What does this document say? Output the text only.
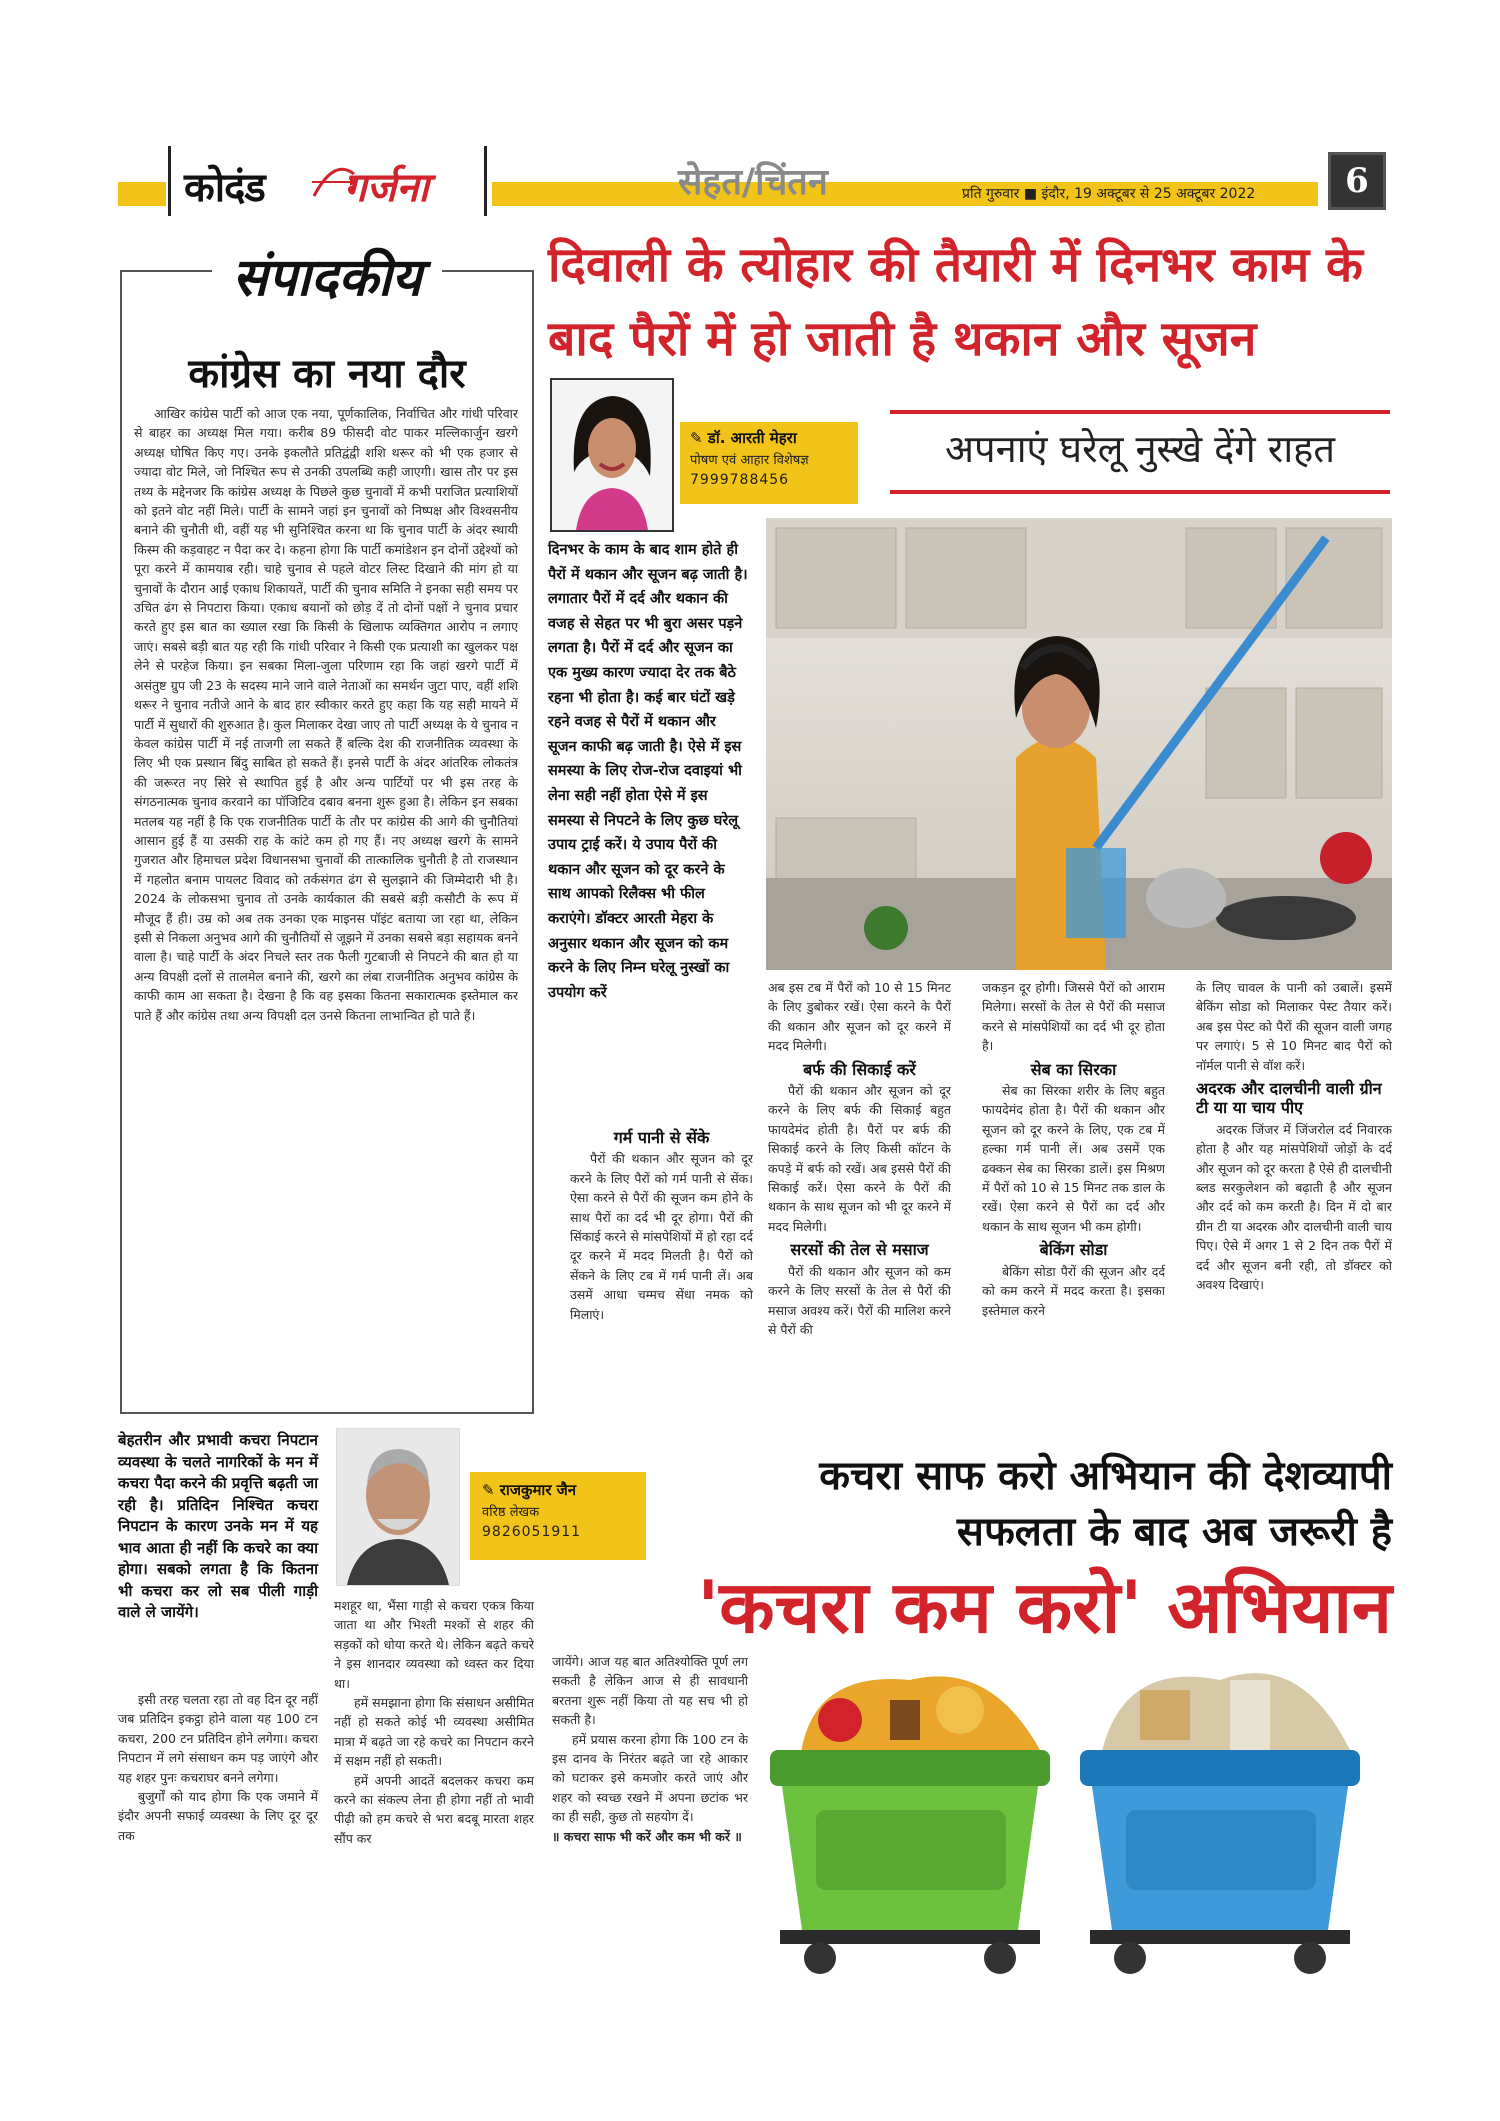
कोदंड गर्जना	सेहत/चिंतन	प्रति गुरुवार ■ इंदौर, 19 अक्टूबर से 25 अक्टूबर 2022	6
संपादकीय
कांग्रेस का नया दौर

आखिर कांग्रेस पार्टी को आज एक नया, पूर्णकालिक, निर्वाचित और गांधी परिवार से बाहर का अध्यक्ष मिल गया। करीब 89 फीसदी वोट पाकर मल्लिकार्जुन खरगे अध्यक्ष घोषित किए गए। उनके इकलौते प्रतिद्वंद्वी शशि थरूर को भी एक हजार से ज्यादा वोट मिले, जो निश्चित रूप से उनकी उपलब्धि कही जाएगी। खास तौर पर इस तथ्य के मद्देनजर कि कांग्रेस अध्यक्ष के पिछले कुछ चुनावों में कभी पराजित प्रत्याशियों को इतने वोट नहीं मिले। पार्टी के सामने जहां इन चुनावों को निष्पक्ष और विश्वसनीय बनाने की चुनौती थी, वहीं यह भी सुनिश्चित करना था कि चुनाव पार्टी के अंदर स्थायी किस्म की कड़वाहट न पैदा कर दे। कहना होगा कि पार्टी कमांडेशन इन दोनों उद्देश्यों को पूरा करने में कामयाब रही। चाहे चुनाव से पहले वोटर लिस्ट दिखाने की मांग हो या चुनावों के दौरान आई एकाध शिकायतें, पार्टी की चुनाव समिति ने इनका सही समय पर उचित ढंग से निपटारा किया। एकाध बयानों को छोड़ दें तो दोनों पक्षों ने चुनाव प्रचार करते हुए इस बात का ख्याल रखा कि किसी के खिलाफ व्यक्तिगत आरोप न लगाए जाएं। सबसे बड़ी बात यह रही कि गांधी परिवार ने किसी एक प्रत्याशी का खुलकर पक्ष लेने से परहेज किया। इन सबका मिला-जुला परिणाम रहा कि जहां खरगे पार्टी में असंतुष्ट ग्रुप जी 23 के सदस्य माने जाने वाले नेताओं का समर्थन जुटा पाए, वहीं शशि थरूर ने चुनाव नतीजे आने के बाद हार स्वीकार करते हुए कहा कि यह सही मायने में पार्टी में सुधारों की शुरुआत है। कुल मिलाकर देखा जाए तो पार्टी अध्यक्ष के ये चुनाव न केवल कांग्रेस पार्टी में नई ताजगी ला सकते हैं बल्कि देश की राजनीतिक व्यवस्था के लिए भी एक प्रस्थान बिंदु साबित हो सकते हैं। इनसे पार्टी के अंदर आंतरिक लोकतंत्र की जरूरत नए सिरे से स्थापित हुई है और अन्य पार्टियों पर भी इस तरह के संगठनात्मक चुनाव करवाने का पॉजिटिव दबाव बनना शुरू हुआ है। लेकिन इन सबका मतलब यह नहीं है कि एक राजनीतिक पार्टी के तौर पर कांग्रेस की आगे की चुनौतियां आसान हुई हैं या उसकी राह के कांटे कम हो गए हैं। नए अध्यक्ष खरगे के सामने गुजरात और हिमाचल प्रदेश विधानसभा चुनावों की तात्कालिक चुनौती है तो राजस्थान में गहलोत बनाम पायलट विवाद को तर्कसंगत ढंग से सुलझाने की जिम्मेदारी भी है। 2024 के लोकसभा चुनाव तो उनके कार्यकाल की सबसे बड़ी कसौटी के रूप में मौजूद हैं ही। उम्र को अब तक उनका एक माइनस पॉइंट बताया जा रहा था, लेकिन इसी से निकला अनुभव आगे की चुनौतियों से जूझने में उनका सबसे बड़ा सहायक बनने वाला है। चाहे पार्टी के अंदर निचले स्तर तक फैली गुटबाजी से निपटने की बात हो या अन्य विपक्षी दलों से तालमेल बनाने की, खरगे का लंबा राजनीतिक अनुभव कांग्रेस के काफी काम आ सकता है। देखना है कि वह इसका कितना सकारात्मक इस्तेमाल कर पाते हैं और कांग्रेस तथा अन्य विपक्षी दल उनसे कितना लाभान्वित हो पाते हैं।

दिवाली के त्योहार की तैयारी में दिनभर काम के बाद पैरों में हो जाती है थकान और सूजन
✎ डॉ. आरती मेहरा
पोषण एवं आहार विशेषज्ञ
7999788456
अपनाएं घरेलू नुस्खे देंगे राहत
दिनभर के काम के बाद शाम होते ही पैरों में थकान और सूजन बढ़ जाती है। लगातार पैरों में दर्द और थकान की वजह से सेहत पर भी बुरा असर पड़ने लगता है। पैरों में दर्द और सूजन का एक मुख्य कारण ज्यादा देर तक बैठे रहना भी होता है। कई बार घंटों खड़े रहने वजह से पैरों में थकान और सूजन काफी बढ़ जाती है। ऐसे में इस समस्या के लिए रोज-रोज दवाइयां भी लेना सही नहीं होता ऐसे में इस समस्या से निपटने के लिए कुछ घरेलू उपाय ट्राई करें। ये उपाय पैरों की थकान और सूजन को दूर करने के साथ आपको रिलैक्स भी फील कराएंगे। डॉक्टर आरती मेहरा के अनुसार थकान और सूजन को कम करने के लिए निम्न घरेलू नुस्खों का उपयोग करें
गर्म पानी से सेंके

पैरों की थकान और सूजन को दूर करने के लिए पैरों को गर्म पानी से सेंक। ऐसा करने से पैरों की सूजन कम होने के साथ पैरों का दर्द भी दूर होगा। पैरों की सिंकाई करने से मांसपेशियों में हो रहा दर्द दूर करने में मदद मिलती है। पैरों को सेंकने के लिए टब में गर्म पानी लें। अब उसमें आधा चम्मच सेंधा नमक को मिलाएं।

अब इस टब में पैरों को 10 से 15 मिनट के लिए डुबोकर रखें। ऐसा करने के पैरों की थकान और सूजन को दूर करने में मदद मिलेगी।

बर्फ की सिकाई करें

पैरों की थकान और सूजन को दूर करने के लिए बर्फ की सिकाई बहुत फायदेमंद होती है। पैरों पर बर्फ की सिकाई करने के लिए किसी कॉटन के कपड़े में बर्फ को रखें। अब इससे पैरों की सिकाई करें। ऐसा करने के पैरों की थकान के साथ सूजन को भी दूर करने में मदद मिलेगी।

सरसों की तेल से मसाज

पैरों की थकान और सूजन को कम करने के लिए सरसों के तेल से पैरों की मसाज अवश्य करें। पैरों की मालिश करने से पैरों की

जकड़न दूर होगी। जिससे पैरों को आराम मिलेगा। सरसों के तेल से पैरों की मसाज करने से मांसपेशियों का दर्द भी दूर होता है।

सेब का सिरका

सेब का सिरका शरीर के लिए बहुत फायदेमंद होता है। पैरों की थकान और सूजन को दूर करने के लिए, एक टब में हल्का गर्म पानी लें। अब उसमें एक ढक्कन सेब का सिरका डालें। इस मिश्रण में पैरों को 10 से 15 मिनट तक डाल के रखें। ऐसा करने से पैरों का दर्द और थकान के साथ सूजन भी कम होगी।

बेकिंग सोडा

बेकिंग सोडा पैरों की सूजन और दर्द को कम करने में मदद करता है। इसका इस्तेमाल करने

के लिए चावल के पानी को उबालें। इसमें बेकिंग सोडा को मिलाकर पेस्ट तैयार करें। अब इस पेस्ट को पैरों की सूजन वाली जगह पर लगाएं। 5 से 10 मिनट बाद पैरों को नॉर्मल पानी से वॉश करें।

अदरक और दालचीनी वाली ग्रीन टी या या चाय पीए

अदरक जिंजर में जिंजरोल दर्द निवारक होता है और यह मांसपेशियों जोड़ों के दर्द और सूजन को दूर करता है ऐसे ही दालचीनी ब्लड सरकुलेशन को बढ़ाती है और सूजन और दर्द को कम करती है। दिन में दो बार ग्रीन टी या अदरक और दालचीनी वाली चाय पिए। ऐसे में अगर 1 से 2 दिन तक पैरों में दर्द और सूजन बनी रही, तो डॉक्टर को अवश्य दिखाएं।

बेहतरीन और प्रभावी कचरा निपटान व्यवस्था के चलते नागरिकों के मन में कचरा पैदा करने की प्रवृत्ति बढ़ती जा रही है। प्रतिदिन निश्चित कचरा निपटान के कारण उनके मन में यह भाव आता ही नहीं कि कचरे का क्या होगा। सबको लगता है कि कितना भी कचरा कर लो सब पीली गाड़ी वाले ले जायेंगे।
✎ राजकुमार जैन
वरिष्ठ लेखक
9826051911
कचरा साफ करो अभियान की देशव्यापी
सफलता के बाद अब जरूरी है
'कचरा कम करो' अभियान

इसी तरह चलता रहा तो वह दिन दूर नहीं जब प्रतिदिन इकट्ठा होने वाला यह 100 टन कचरा, 200 टन प्रतिदिन होने लगेगा। कचरा निपटान में लगे संसाधन कम पड़ जाएंगे और यह शहर पुनः कचराघर बनने लगेगा।

बुजुर्गों को याद होगा कि एक जमाने में इंदौर अपनी सफाई व्यवस्था के लिए दूर दूर तक

मशहूर था, भैंसा गाड़ी से कचरा एकत्र किया जाता था और भिश्ती मश्कों से शहर की सड़कों को धोया करते थे। लेकिन बढ़ते कचरे ने इस शानदार व्यवस्था को ध्वस्त कर दिया था।

हमें समझाना होगा कि संसाधन असीमित नहीं हो सकते कोई भी व्यवस्था असीमित मात्रा में बढ़ते जा रहे कचरे का निपटान करने में सक्षम नहीं हो सकती।

हमें अपनी आदतें बदलकर कचरा कम करने का संकल्प लेना ही होगा नहीं तो भावी पीढ़ी को हम कचरे से भरा बदबू मारता शहर सौंप कर

जायेंगे। आज यह बात अतिश्योक्ति पूर्ण लग सकती है लेकिन आज से ही सावधानी बरतना शुरू नहीं किया तो यह सच भी हो सकती है।

हमें प्रयास करना होगा कि 100 टन के इस दानव के निरंतर बढ़ते जा रहे आकार को घटाकर इसे कमजोर करते जाएं और शहर को स्वच्छ रखने में अपना छटांक भर का ही सही, कुछ तो सहयोग दें।

॥ कचरा साफ भी करें और कम भी करें ॥
